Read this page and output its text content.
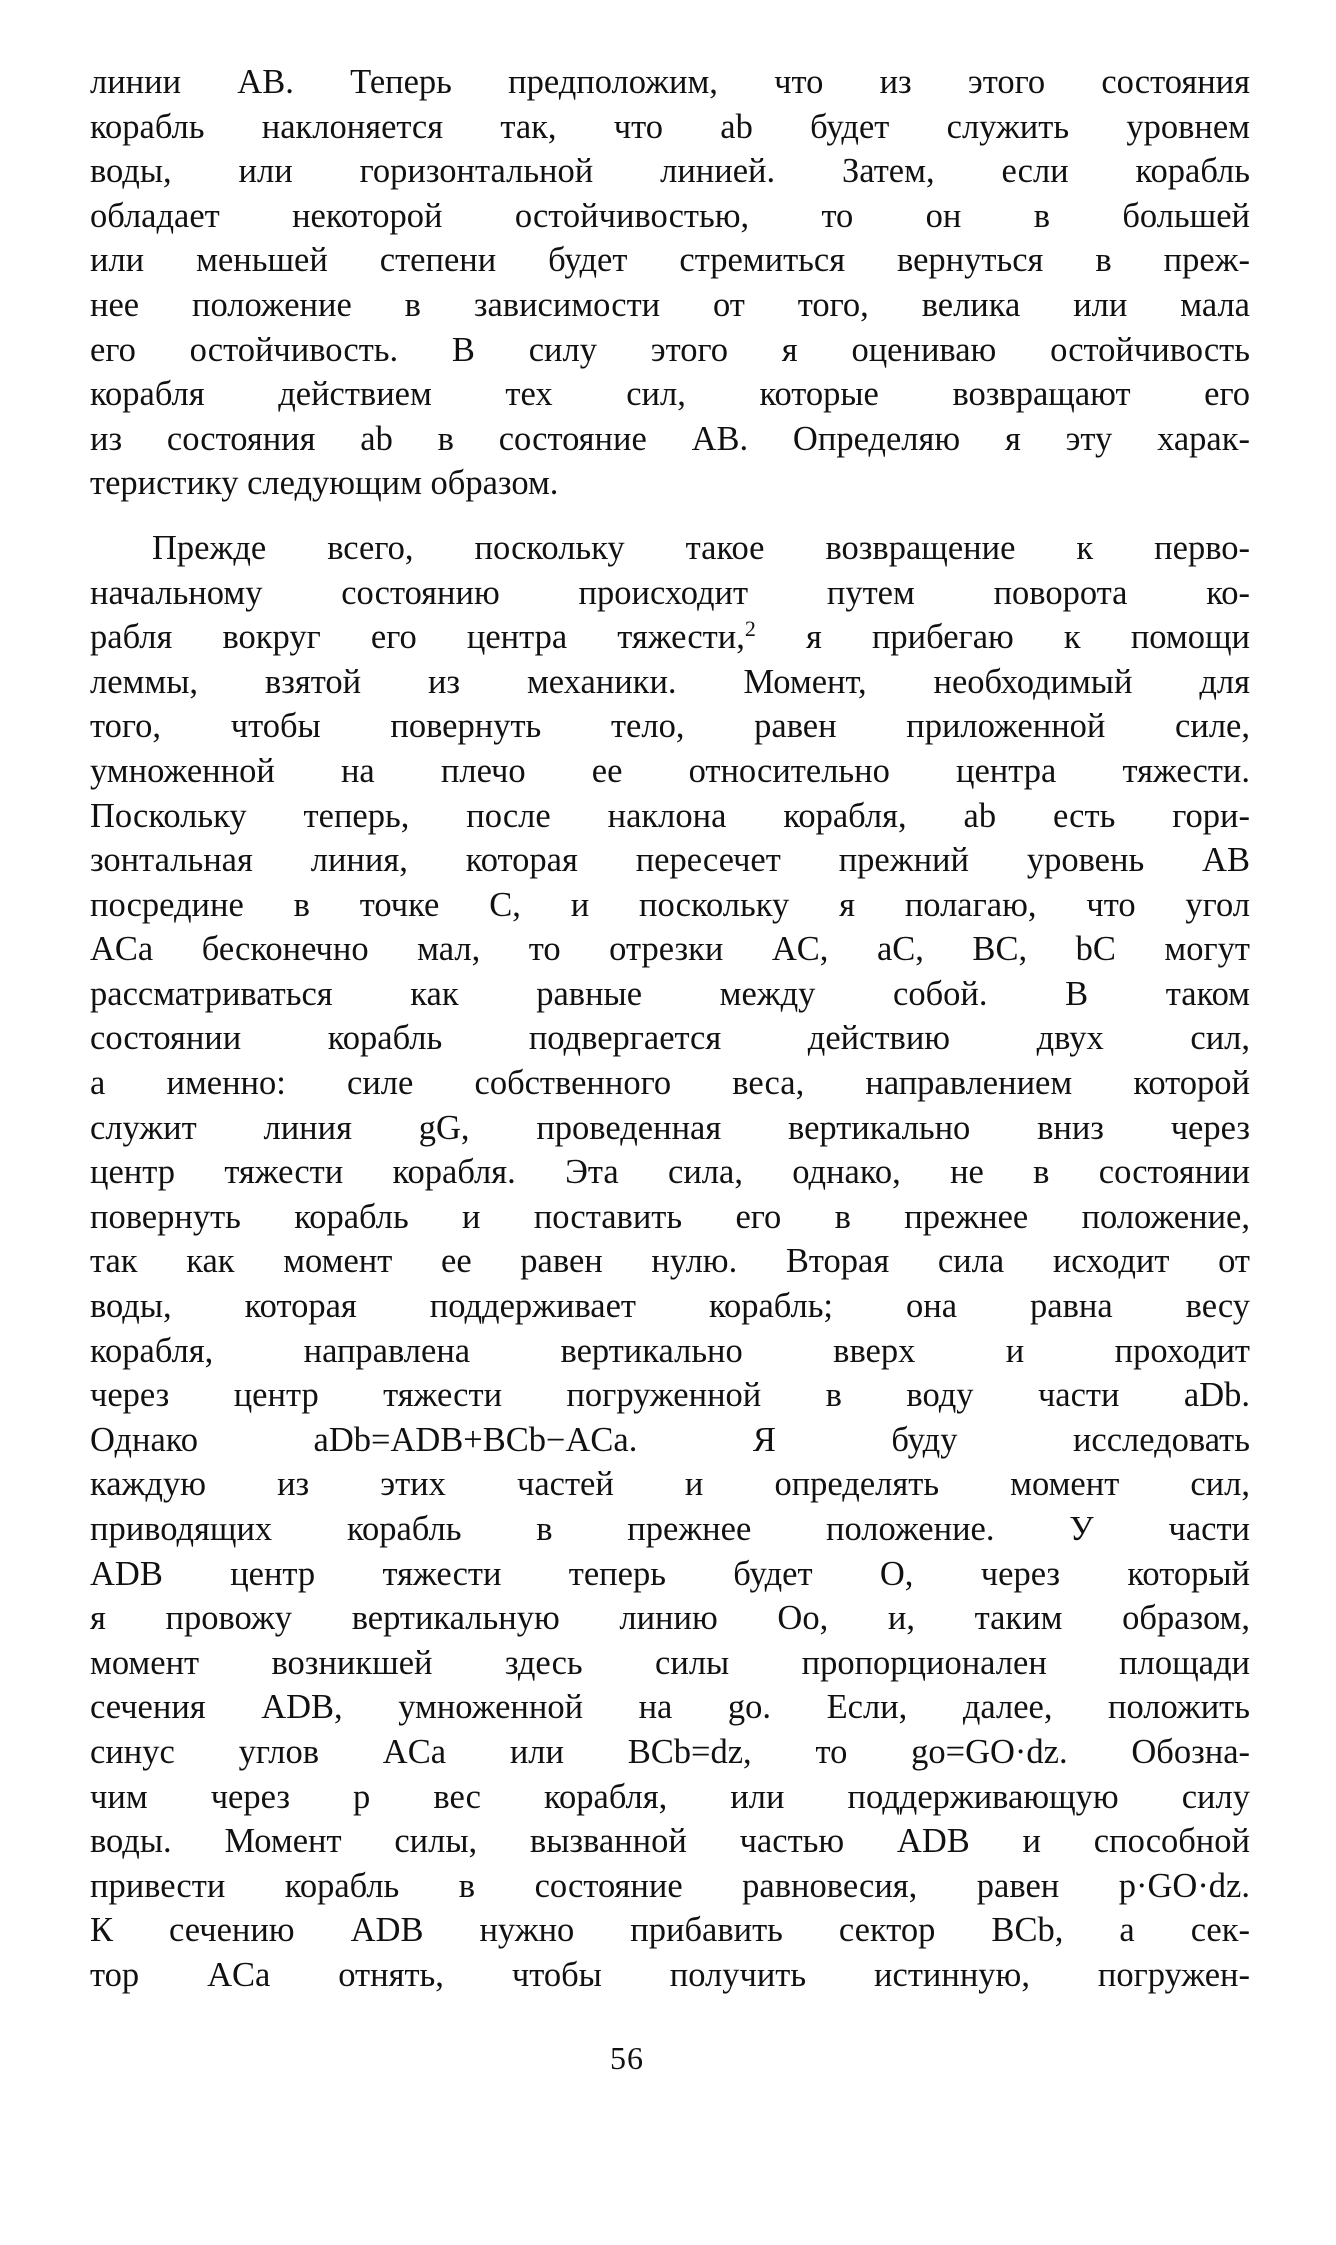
линии AB. Теперь предположим, что из этого состояния
корабль наклоняется так, что ab будет служить уровнем
воды, или горизонтальной линией. Затем, если корабль
обладает некоторой остойчивостью, то он в большей
или меньшей степени будет стремиться вернуться в преж-
нее положение в зависимости от того, велика или мала
его остойчивость. В силу этого я оцениваю остойчивость
корабля действием тех сил, которые возвращают его
из состояния ab в состояние AB. Определяю я эту харак-
теристику следующим образом.
Прежде всего, поскольку такое возвращение к перво-
начальному состоянию происходит путем поворота ко-
рабля вокруг его центра тяжести,$^2$ я прибегаю к помощи
леммы, взятой из механики. Момент, необходимый для
того, чтобы повернуть тело, равен приложенной силе,
умноженной на плечо ее относительно центра тяжести.
Поскольку теперь, после наклона корабля, ab есть гори-
зонтальная линия, которая пересечет прежний уровень AB
посредине в точке C, и поскольку я полагаю, что угол
ACa бесконечно мал, то отрезки AC, aC, BC, bC могут
рассматриваться как равные между собой. В таком
состоянии корабль подвергается действию двух сил,
а именно: силе собственного веса, направлением которой
служит линия gG, проведенная вертикально вниз через
центр тяжести корабля. Эта сила, однако, не в состоянии
повернуть корабль и поставить его в прежнее положение,
так как момент ее равен нулю. Вторая сила исходит от
воды, которая поддерживает корабль; она равна весу
корабля, направлена вертикально вверх и проходит
через центр тяжести погруженной в воду части aDb.
Однако aDb=ADB+BCb−ACa. Я буду исследовать
каждую из этих частей и определять момент сил,
приводящих корабль в прежнее положение. У части
ADB центр тяжести теперь будет O, через который
я провожу вертикальную линию Oo, и, таким образом,
момент возникшей здесь силы пропорционален площади
сечения ADB, умноженной на go. Если, далее, положить
синус углов ACa или BCb=dz, то go=GO·dz. Обозна-
чим через p вес корабля, или поддерживающую силу
воды. Момент силы, вызванной частью ADB и способной
привести корабль в состояние равновесия, равен p·GO·dz.
К сечению ADB нужно прибавить сектор BCb, а сек-
тор ACa отнять, чтобы получить истинную, погружен-
56
